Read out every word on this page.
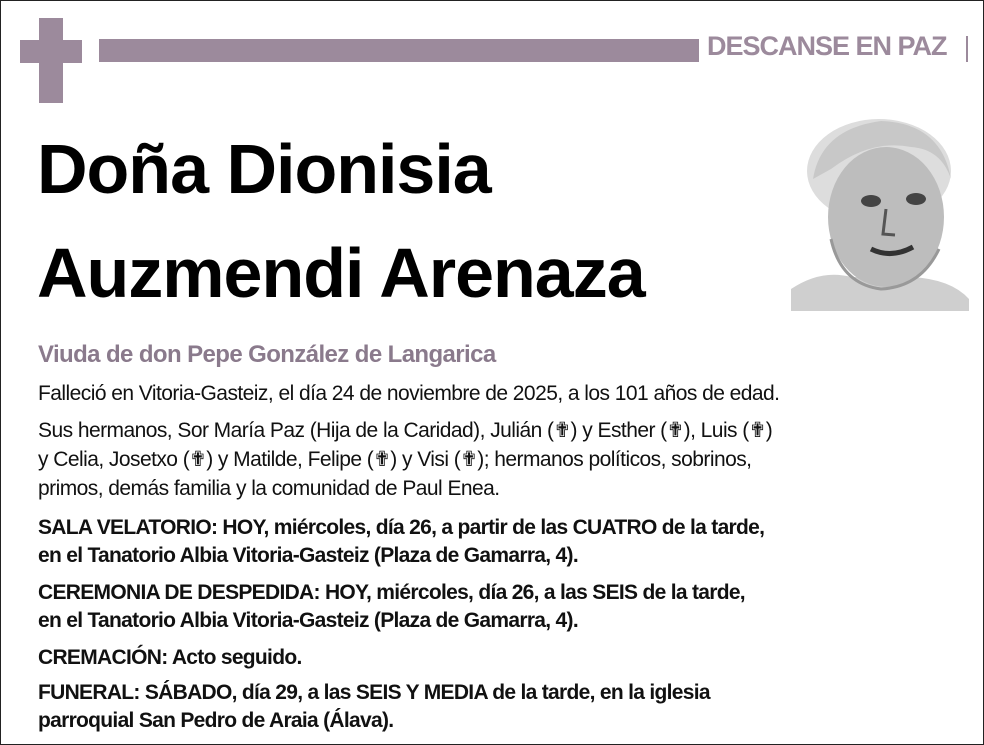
DESCANSE EN PAZ
Doña Dionisia
Auzmendi Arenaza
Viuda de don Pepe González de Langarica
Falleció en Vitoria-Gasteiz, el día 24 de noviembre de 2025, a los 101 años de edad.
Sus hermanos, Sor María Paz (Hija de la Caridad), Julián (✟) y Esther (✟), Luis (✟)
y Celia, Josetxo (✟) y Matilde, Felipe (✟) y Visi (✟); hermanos políticos, sobrinos,
primos, demás familia y la comunidad de Paul Enea.
SALA VELATORIO: HOY, miércoles, día 26, a partir de las CUATRO de la tarde,
en el Tanatorio Albia Vitoria-Gasteiz (Plaza de Gamarra, 4).
CEREMONIA DE DESPEDIDA: HOY, miércoles, día 26, a las SEIS de la tarde,
en el Tanatorio Albia Vitoria-Gasteiz (Plaza de Gamarra, 4).
CREMACIÓN: Acto seguido.
FUNERAL: SÁBADO, día 29, a las SEIS Y MEDIA de la tarde, en la iglesia
parroquial San Pedro de Araia (Álava).
